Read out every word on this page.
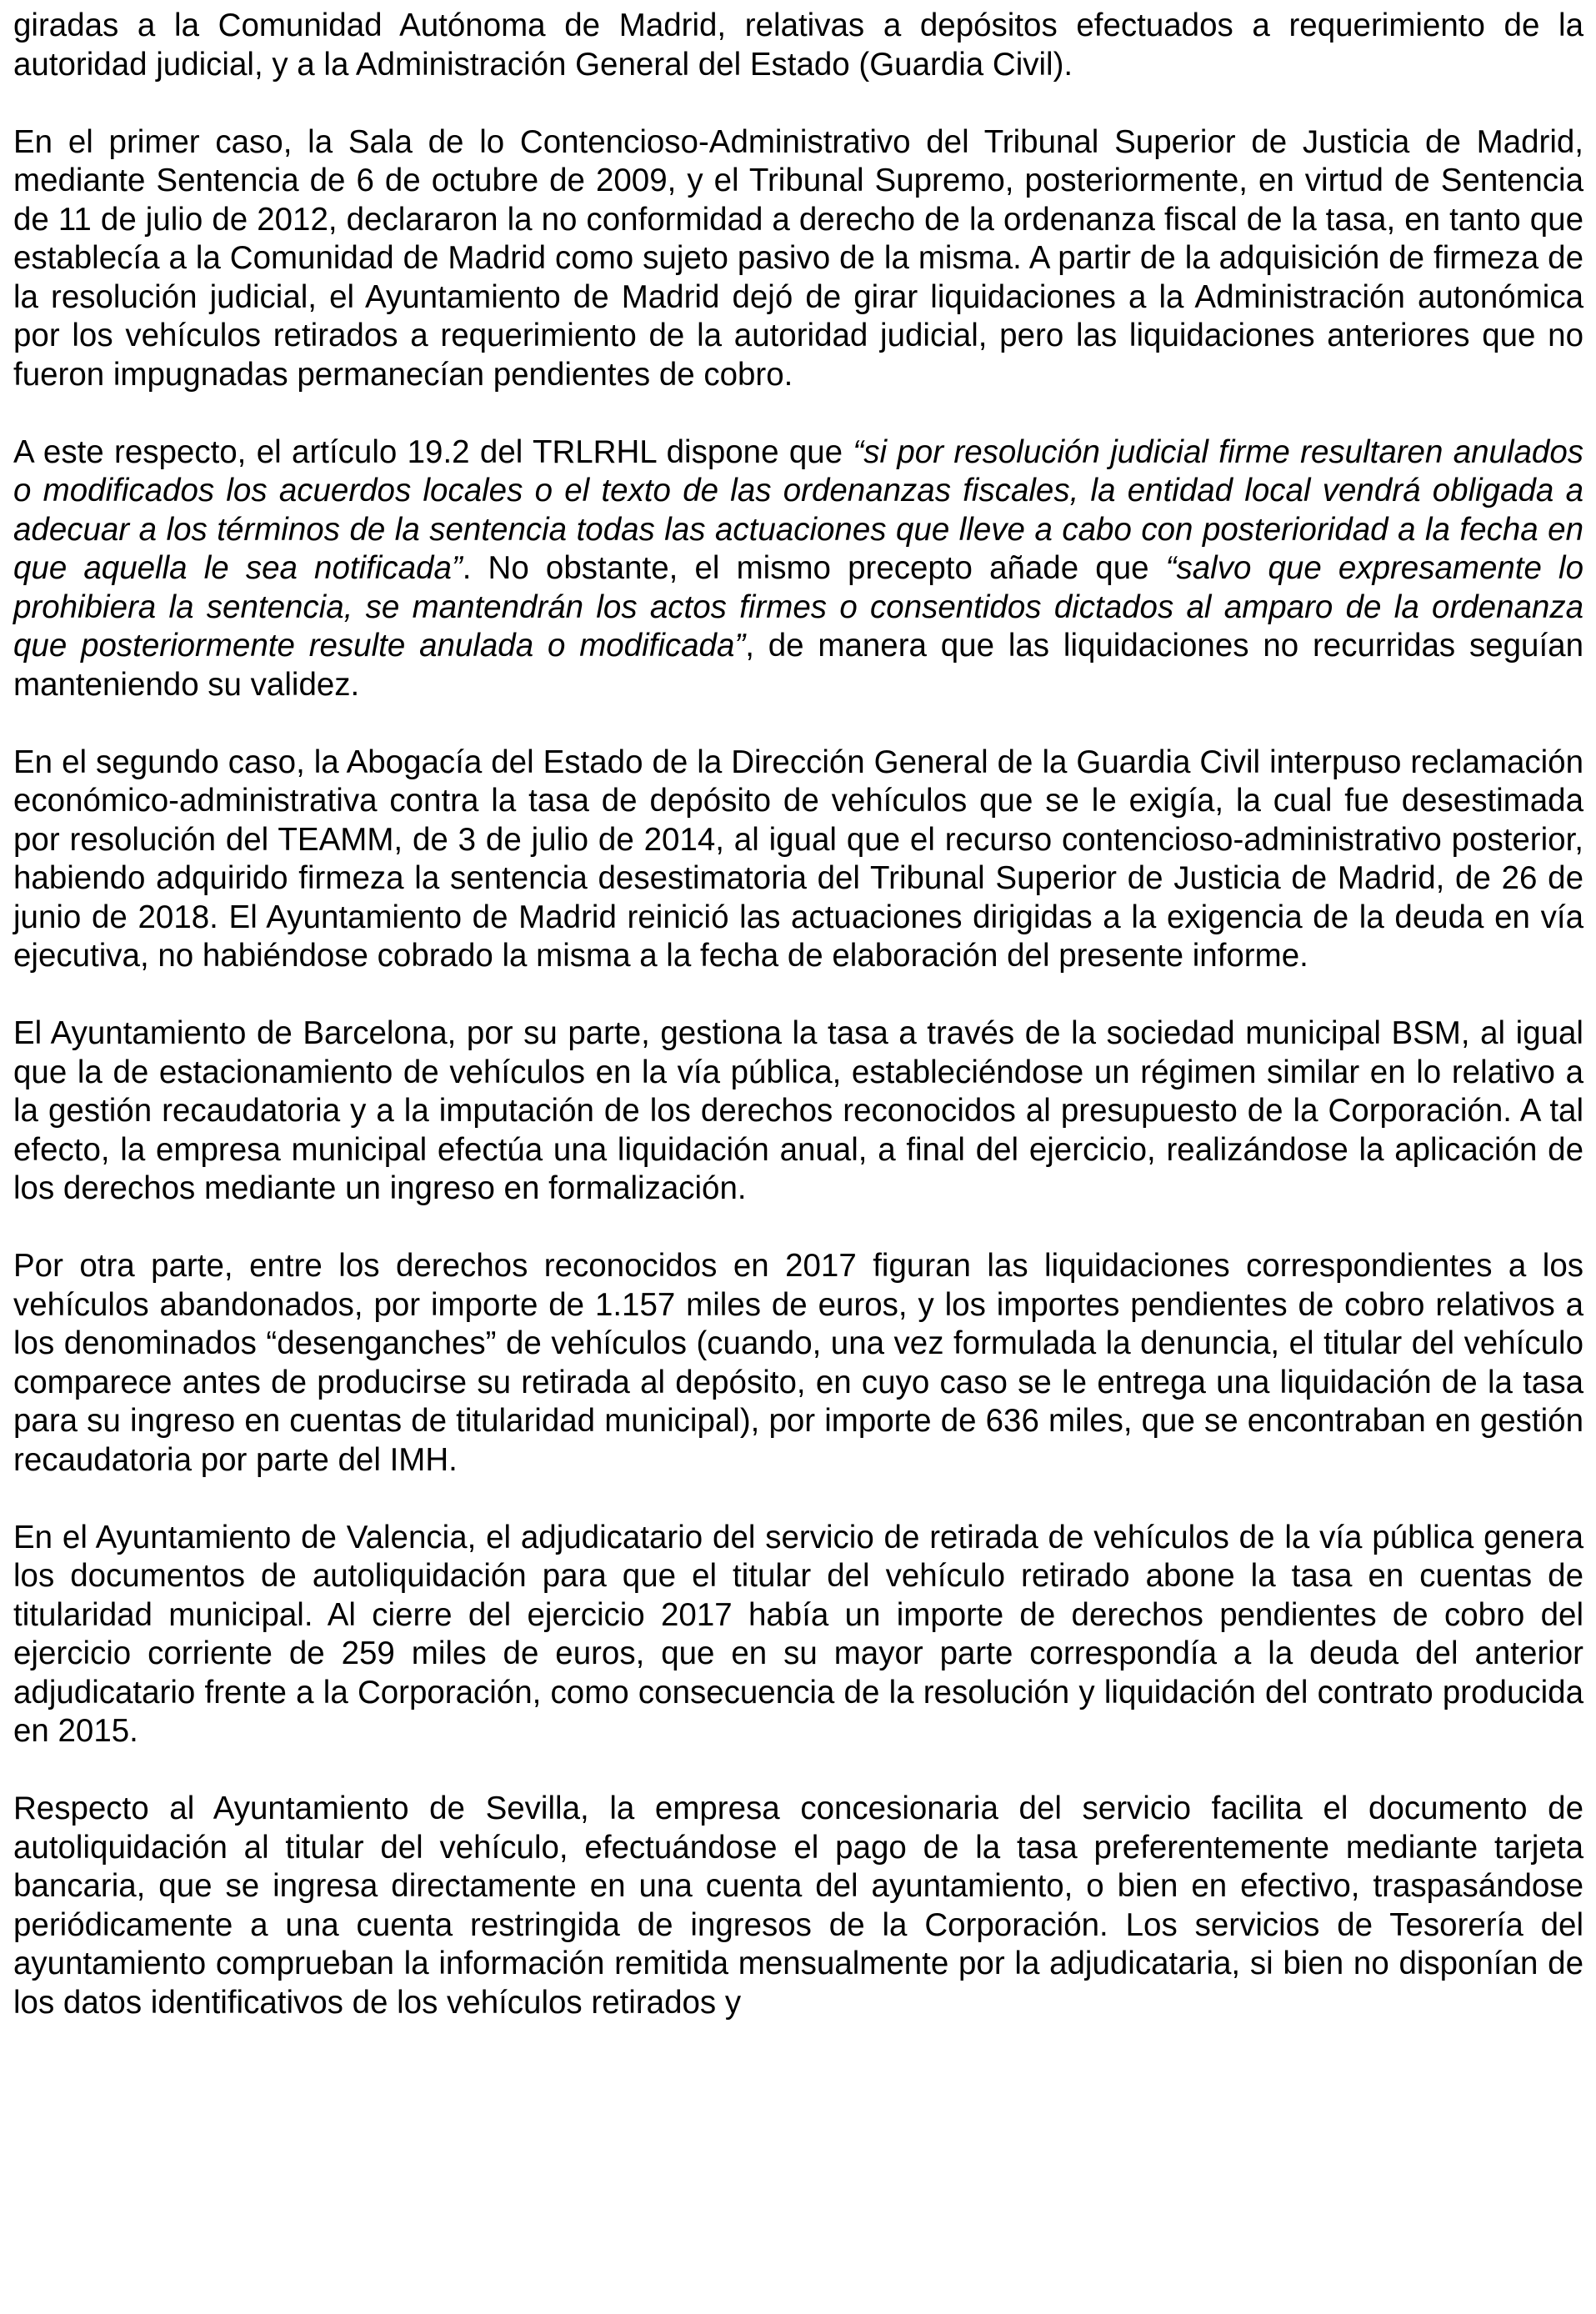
giradas a la Comunidad Autónoma de Madrid, relativas a depósitos efectuados a requerimiento de la autoridad judicial, y a la Administración General del Estado (Guardia Civil).

En el primer caso, la Sala de lo Contencioso-Administrativo del Tribunal Superior de Justicia de Madrid, mediante Sentencia de 6 de octubre de 2009, y el Tribunal Supremo, posteriormente, en virtud de Sentencia de 11 de julio de 2012, declararon la no conformidad a derecho de la ordenanza fiscal de la tasa, en tanto que establecía a la Comunidad de Madrid como sujeto pasivo de la misma. A partir de la adquisición de firmeza de la resolución judicial, el Ayuntamiento de Madrid dejó de girar liquidaciones a la Administración autonómica por los vehículos retirados a requerimiento de la autoridad judicial, pero las liquidaciones anteriores que no fueron impugnadas permanecían pendientes de cobro.

A este respecto, el artículo 19.2 del TRLRHL dispone que “si por resolución judicial firme resultaren anulados o modificados los acuerdos locales o el texto de las ordenanzas fiscales, la entidad local vendrá obligada a adecuar a los términos de la sentencia todas las actuaciones que lleve a cabo con posterioridad a la fecha en que aquella le sea notificada”. No obstante, el mismo precepto añade que “salvo que expresamente lo prohibiera la sentencia, se mantendrán los actos firmes o consentidos dictados al amparo de la ordenanza que posteriormente resulte anulada o modificada”, de manera que las liquidaciones no recurridas seguían manteniendo su validez.

En el segundo caso, la Abogacía del Estado de la Dirección General de la Guardia Civil interpuso reclamación económico-administrativa contra la tasa de depósito de vehículos que se le exigía, la cual fue desestimada por resolución del TEAMM, de 3 de julio de 2014, al igual que el recurso contencioso-administrativo posterior, habiendo adquirido firmeza la sentencia desestimatoria del Tribunal Superior de Justicia de Madrid, de 26 de junio de 2018. El Ayuntamiento de Madrid reinició las actuaciones dirigidas a la exigencia de la deuda en vía ejecutiva, no habiéndose cobrado la misma a la fecha de elaboración del presente informe.

El Ayuntamiento de Barcelona, por su parte, gestiona la tasa a través de la sociedad municipal BSM, al igual que la de estacionamiento de vehículos en la vía pública, estableciéndose un régimen similar en lo relativo a la gestión recaudatoria y a la imputación de los derechos reconocidos al presupuesto de la Corporación. A tal efecto, la empresa municipal efectúa una liquidación anual, a final del ejercicio, realizándose la aplicación de los derechos mediante un ingreso en formalización.

Por otra parte, entre los derechos reconocidos en 2017 figuran las liquidaciones correspondientes a los vehículos abandonados, por importe de 1.157 miles de euros, y los importes pendientes de cobro relativos a los denominados “desenganches” de vehículos (cuando, una vez formulada la denuncia, el titular del vehículo comparece antes de producirse su retirada al depósito, en cuyo caso se le entrega una liquidación de la tasa para su ingreso en cuentas de titularidad municipal), por importe de 636 miles, que se encontraban en gestión recaudatoria por parte del IMH.

En el Ayuntamiento de Valencia, el adjudicatario del servicio de retirada de vehículos de la vía pública genera los documentos de autoliquidación para que el titular del vehículo retirado abone la tasa en cuentas de titularidad municipal. Al cierre del ejercicio 2017 había un importe de derechos pendientes de cobro del ejercicio corriente de 259 miles de euros, que en su mayor parte correspondía a la deuda del anterior adjudicatario frente a la Corporación, como consecuencia de la resolución y liquidación del contrato producida en 2015.

Respecto al Ayuntamiento de Sevilla, la empresa concesionaria del servicio facilita el documento de autoliquidación al titular del vehículo, efectuándose el pago de la tasa preferentemente mediante tarjeta bancaria, que se ingresa directamente en una cuenta del ayuntamiento, o bien en efectivo, traspasándose periódicamente a una cuenta restringida de ingresos de la Corporación. Los servicios de Tesorería del ayuntamiento comprueban la información remitida mensualmente por la adjudicataria, si bien no disponían de los datos identificativos de los vehículos retirados y
